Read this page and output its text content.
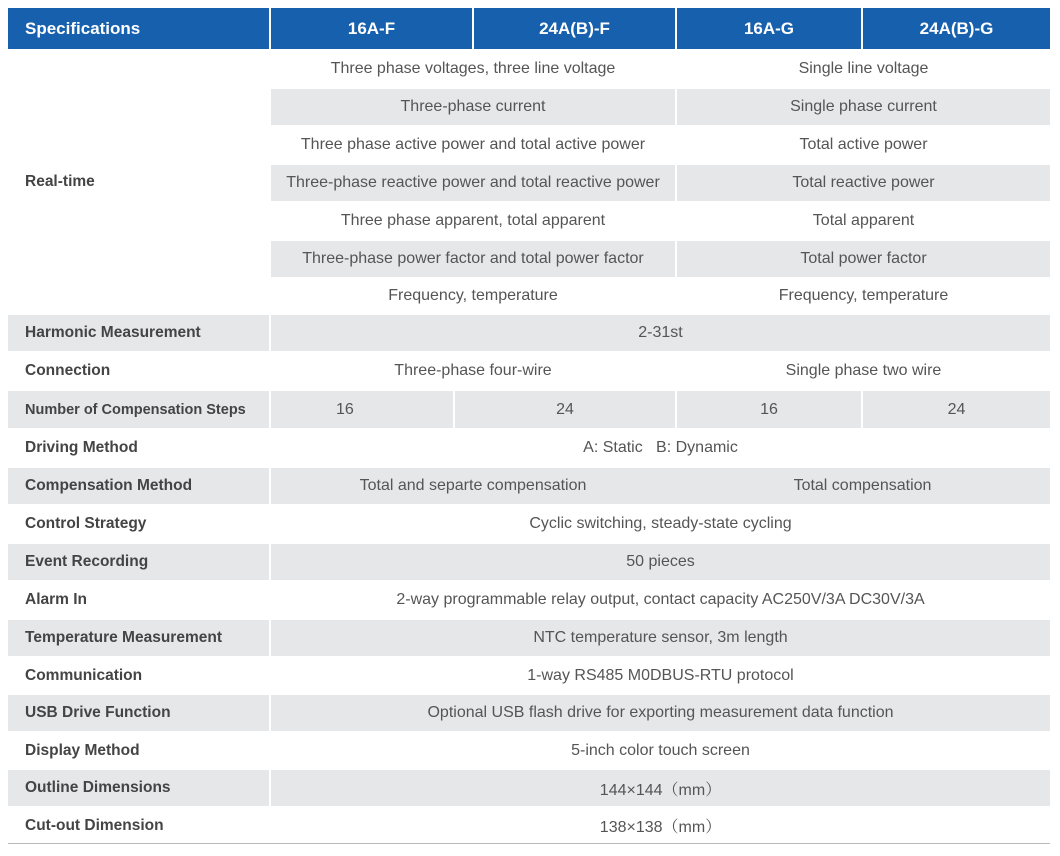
Specifications	16A-F	24A(B)-F	16A-G	24A(B)-G
Real-time
Three phase voltages, three line voltage	Single line voltage
Three-phase current	Single phase current
Three phase active power and total active power	Total active power
Three-phase reactive power and total reactive power	Total reactive power
Three phase apparent, total apparent	Total apparent
Three-phase power factor and total power factor	Total power factor
Frequency, temperature	Frequency, temperature
Harmonic Measurement	2-31st
Connection	Three-phase four-wire	Single phase two wire
Number of Compensation Steps	16	24	16	24
Driving Method	A: Static   B: Dynamic
Compensation Method	Total and separte compensation	Total compensation
Control Strategy	Cyclic switching, steady-state cycling
Event Recording	50 pieces
Alarm In	2-way programmable relay output, contact capacity AC250V/3A DC30V/3A
Temperature Measurement	NTC temperature sensor, 3m length
Communication	1-way RS485 M0DBUS-RTU protocol
USB Drive Function	Optional USB flash drive for exporting measurement data function
Display Method	5-inch color touch screen
Outline Dimensions	144×144（mm）
Cut-out Dimension	138×138（mm）
